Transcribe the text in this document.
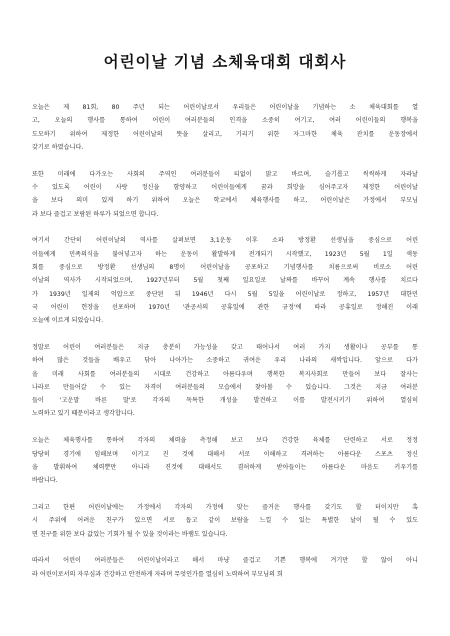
어린이날 기념 소체육대회 대회사
오늘은 제 81회, 80 주년 되는 어린이날로서 우리들은 어린이날을 기념하는 소 체육대회를 열
고, 오늘의 행사를 통하여 어린이 여러분들의 인격을 소중히 여기고, 여러 어린이들의 행복을
도모하기 위하여 제정한 어린이날의 뜻을 살리고, 기리기 위한 자그마한 체육 잔치를 운동장에서
갖기로 하였습니다.
또한 미래에 다가오는 사회의 주역인 여러분들이 티없이 맑고 바르며, 슬기롭고 씩씩하게 자라날
수 있도록 어린이 사랑 정신을 함양하고 어린이들에게 꿈과 희망을 심어주고자 제정한 어린이날
을 보다 의미 있게 하기 위하여 오늘은 학교에서 체육행사를 하고, 어린이날은 가정에서 부모님
과 보다 즐겁고 보람된 하루가 되었으면 합니다.
여기서 간단히 어린이날의 역사를 살펴보면 3,1운동 이후 소파 방정환 선생님을 중심으로 어린
이들에게 민족의식을 불어넣고자 하는 운동이 활발하게 전개되기 시작했고, 1923년 5월 1일 색동
회를 중심으로 방정환 선생님의 8명이 어린이날을 공포하고 기념행사를 치름으로써 비로소 어린
이날의 역사가 시작되었으며, 1927년부터 5월 첫째 일요일로 날짜를 바꾸어 계속 행사를 치르다
가 1939년 일제의 억압으로 중단된 뒤 1946년 다시 5월 5일을 어린이날로 정하고, 1957년 대한민
국 어린이 헌장을 선포하며 1970년 '관공서의 공휴일에 관한 규정'에 따라 공휴일로 정해진 이래
오늘에 이르게 되었습니다.
정말로 어린이 여러분들은 지금 충분히 가능성을 갖고 태어나서 여러 가지 생활이나 공부를 통
하여 많은 것들을 배우고 닦아 나아가는 소중하고 귀여운 우리 나라의 새싹입니다. 앞으로 다가
올 미래 사회를 여러분들의 시대로 건강하고 아름다우며 행복한 복지사회로 만들어 보다 잘사는
나라로 만들어갈 수 있는 자격이 여러분들의 모습에서 찾아볼 수 있습니다. 그것은 지금 여러분
들이 '고운말 바른 말'로 각자의 독특한 개성을 발견하고 이를 발전시키기 위하여 열심히
노력하고 있기 때문이라고 생각합니다.
오늘은 체육행사를 통하여 각자의 체력을 측정해 보고 보다 건강한 육체를 단련하고 서로 정정
당당히 경기에 임해보며 이기고 진 것에 대해서 서로 이해하고 격려하는 아름다운 스포츠 정신
을 발휘하여 체력뿐만 아니라 진것에 대해서도 겸허하게 받아들이는 아름다운 마음도 키우기를
바랍니다.
그리고 한편 어린이날에는 가정에서 각자의 가정에 맞는 즐거운 행사를 갖기도 할 터이지만 혹
시 주위에 어려운 친구가 있으면 서로 돕고 같이 보람을 느낄 수 있는 특별한 날이 될 수 있도
면 친구를 위한 보다 값있는 기회가 될 수 있을 것이라는 바램도 있습니다.
따라서 어린이 여러분들은 어린이날이라고 해서 마냥 즐겁고 기쁜 행복에 겨기만 할 않이 아니
라 어린이로서의 자부심과 건강하고 안전하게 자라며 무엇인가를 열심히 노력하여 부모님의 희
